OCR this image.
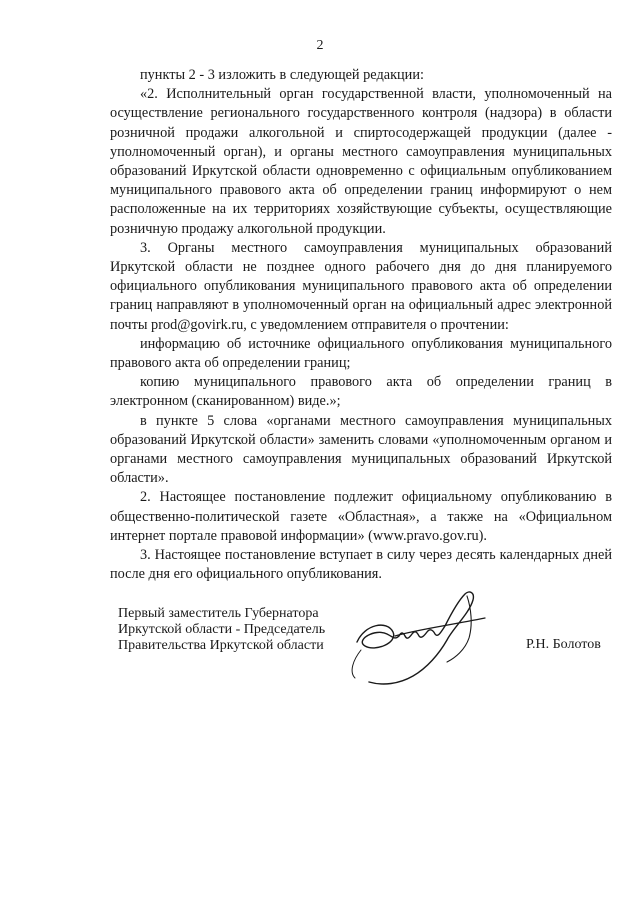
2

пункты 2 - 3 изложить в следующей редакции:

«2. Исполнительный орган государственной власти, уполномоченный на осуществление регионального государственного контроля (надзора) в области розничной продажи алкогольной и спиртосодержащей продукции (далее - уполномоченный орган), и органы местного самоуправления муниципальных образований Иркутской области одновременно с официальным опубликованием муниципального правового акта об определении границ информируют о нем расположенные на их территориях хозяйствующие субъекты, осуществляющие розничную продажу алкогольной продукции.

3. Органы местного самоуправления муниципальных образований Иркутской области не позднее одного рабочего дня до дня планируемого официального опубликования муниципального правового акта об определении границ направляют в уполномоченный орган на официальный адрес электронной почты prod@govirk.ru, с уведомлением отправителя о прочтении:

информацию об источнике официального опубликования муниципального правового акта об определении границ;

копию муниципального правового акта об определении границ в электронном (сканированном) виде.»;

в пункте 5 слова «органами местного самоуправления муниципальных образований Иркутской области» заменить словами «уполномоченным органом и органами местного самоуправления муниципальных образований Иркутской области».

2. Настоящее постановление подлежит официальному опубликованию в общественно-политической газете «Областная», а также на «Официальном интернет портале правовой информации» (www.pravo.gov.ru).

3. Настоящее постановление вступает в силу через десять календарных дней после дня его официального опубликования.

Первый заместитель Губернатора
Иркутской области - Председатель
Правительства Иркутской области	Р.Н. Болотов
